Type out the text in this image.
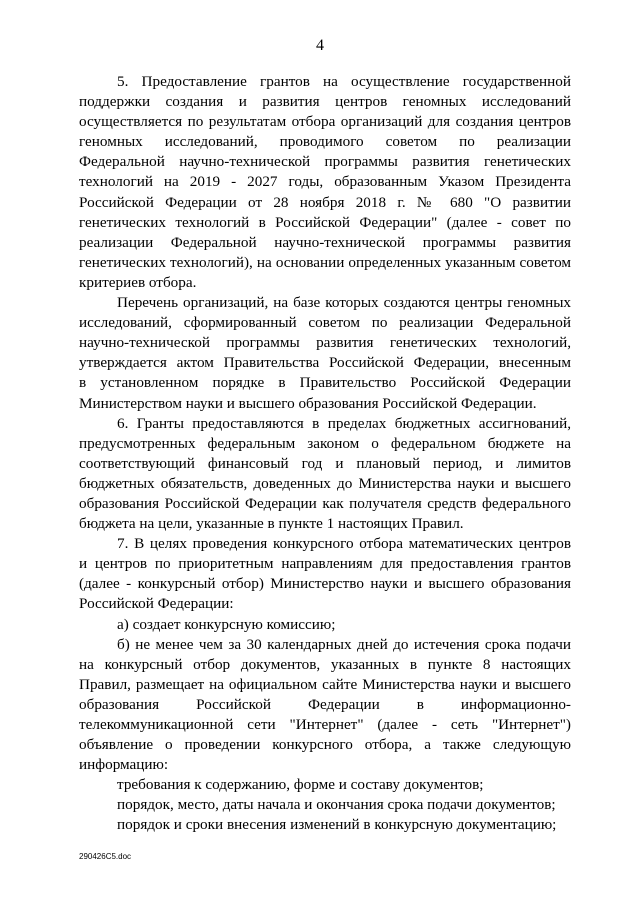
4
5. Предоставление грантов на осуществление государственной
поддержки создания и развития центров геномных исследований
осуществляется по результатам отбора организаций для создания центров
геномных исследований, проводимого советом по реализации
Федеральной научно-технической программы развития генетических
технологий на 2019 - 2027 годы, образованным Указом Президента
Российской Федерации от 28 ноября 2018 г. № 680 "О развитии
генетических технологий в Российской Федерации" (далее - совет по
реализации Федеральной научно-технической программы развития
генетических технологий), на основании определенных указанным советом
критериев отбора.
Перечень организаций, на базе которых создаются центры геномных
исследований, сформированный советом по реализации Федеральной
научно-технической программы развития генетических технологий,
утверждается актом Правительства Российской Федерации, внесенным
в установленном порядке в Правительство Российской Федерации
Министерством науки и высшего образования Российской Федерации.
6. Гранты предоставляются в пределах бюджетных ассигнований,
предусмотренных федеральным законом о федеральном бюджете на
соответствующий финансовый год и плановый период, и лимитов
бюджетных обязательств, доведенных до Министерства науки и высшего
образования Российской Федерации как получателя средств федерального
бюджета на цели, указанные в пункте 1 настоящих Правил.
7. В целях проведения конкурсного отбора математических центров
и центров по приоритетным направлениям для предоставления грантов
(далее - конкурсный отбор) Министерство науки и высшего образования
Российской Федерации:
а) создает конкурсную комиссию;
б) не менее чем за 30 календарных дней до истечения срока подачи
на конкурсный отбор документов, указанных в пункте 8 настоящих
Правил, размещает на официальном сайте Министерства науки и высшего
образования Российской Федерации в информационно-
телекоммуникационной сети "Интернет" (далее - сеть "Интернет")
объявление о проведении конкурсного отбора, а также следующую
информацию:
требования к содержанию, форме и составу документов;
порядок, место, даты начала и окончания срока подачи документов;
порядок и сроки внесения изменений в конкурсную документацию;
290426C5.doc
